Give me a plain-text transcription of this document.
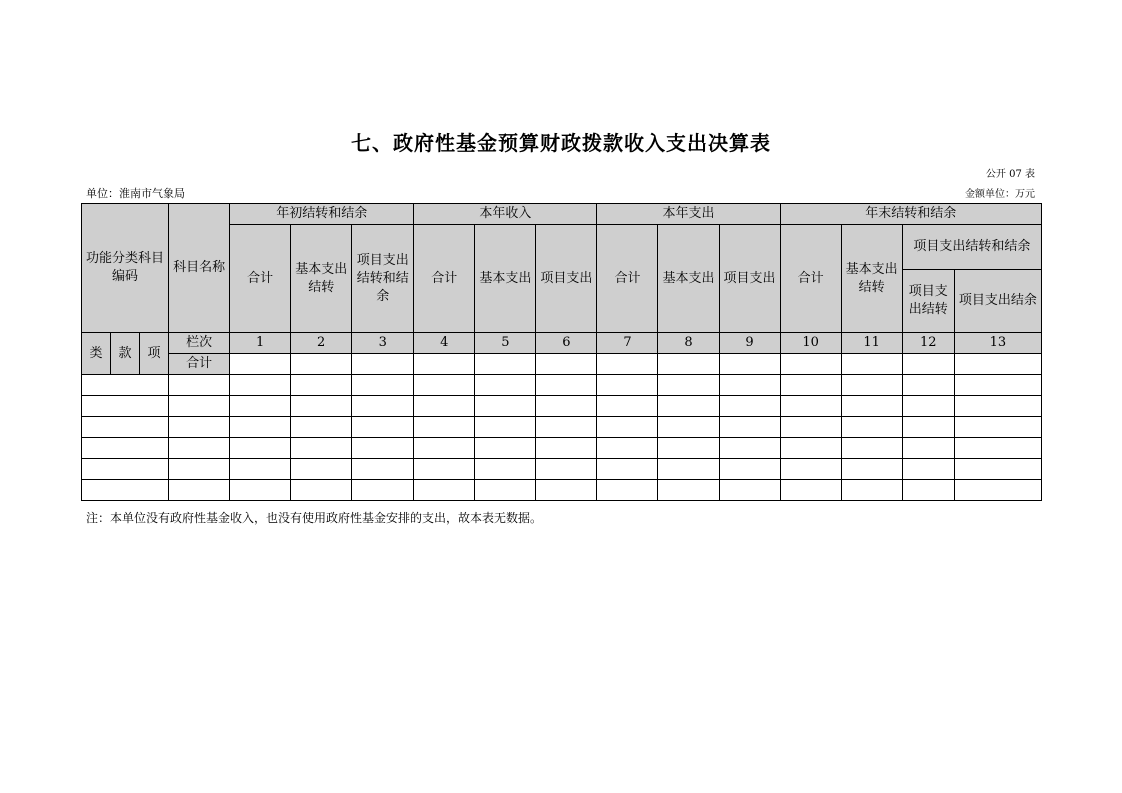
七、政府性基金预算财政拨款收入支出决算表
公开 07 表
单位：淮南市气象局	金额单位：万元
功能分类科目编码			科目名称	年初结转和结余			本年收入			本年支出			年末结转和结余			
				合计	基本支出结转	项目支出结转和结余	合计	基本支出	项目支出	合计	基本支出	项目支出	合计	基本支出结转	项目支出结转和结余	
															项目支出结转	项目支出结余
类	款	项	栏次	1	2	3	4	5	6	7	8	9	10	11	12	13
			合计													

注：本单位没有政府性基金收入，也没有使用政府性基金安排的支出，故本表无数据。
